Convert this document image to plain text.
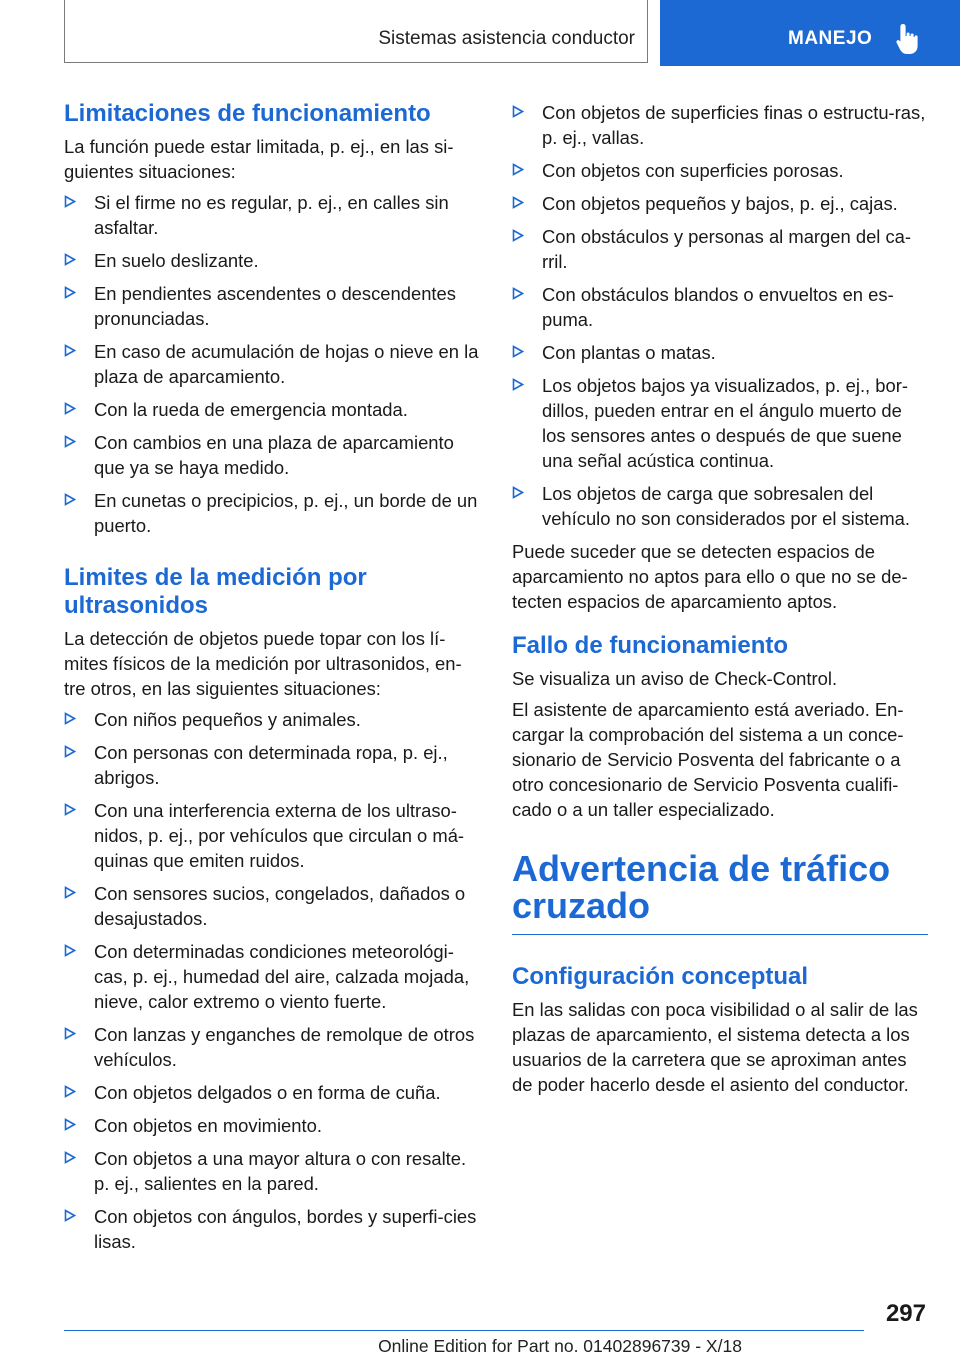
Sistemas asistencia conductor	MANEJO
Limitaciones de funcionamiento

La función puede estar limitada, p. ej., en las si-guientes situaciones:

Si el firme no es regular, p. ej., en calles sin asfaltar.
En suelo deslizante.
En pendientes ascendentes o descendentes pronunciadas.
En caso de acumulación de hojas o nieve en la plaza de aparcamiento.
Con la rueda de emergencia montada.
Con cambios en una plaza de aparcamiento que ya se haya medido.
En cunetas o precipicios, p. ej., un borde de un puerto.
Limites de la medición por ultrasonidos

La detección de objetos puede topar con los lí-mites físicos de la medición por ultrasonidos, en-tre otros, en las siguientes situaciones:

Con niños pequeños y animales.
Con personas con determinada ropa, p. ej., abrigos.
Con una interferencia externa de los ultraso-nidos, p. ej., por vehículos que circulan o má-quinas que emiten ruidos.
Con sensores sucios, congelados, dañados o desajustados.
Con determinadas condiciones meteorológi-cas, p. ej., humedad del aire, calzada mojada, nieve, calor extremo o viento fuerte.
Con lanzas y enganches de remolque de otros vehículos.
Con objetos delgados o en forma de cuña.
Con objetos en movimiento.
Con objetos a una mayor altura o con resalte. p. ej., salientes en la pared.
Con objetos con ángulos, bordes y superfi-cies lisas.
Con objetos de superficies finas o estructu-ras, p. ej., vallas.
Con objetos con superficies porosas.
Con objetos pequeños y bajos, p. ej., cajas.
Con obstáculos y personas al margen del ca-rril.
Con obstáculos blandos o envueltos en es-puma.
Con plantas o matas.
Los objetos bajos ya visualizados, p. ej., bor-dillos, pueden entrar en el ángulo muerto de los sensores antes o después de que suene una señal acústica continua.
Los objetos de carga que sobresalen del vehículo no son considerados por el sistema.

Puede suceder que se detecten espacios de aparcamiento no aptos para ello o que no se de-tecten espacios de aparcamiento aptos.

Fallo de funcionamiento

Se visualiza un aviso de Check-Control.

El asistente de aparcamiento está averiado. En-cargar la comprobación del sistema a un conce-sionario de Servicio Posventa del fabricante o a otro concesionario de Servicio Posventa cualifi-cado o a un taller especializado.

Advertencia de tráfico cruzado
Configuración conceptual

En las salidas con poca visibilidad o al salir de las plazas de aparcamiento, el sistema detecta a los usuarios de la carretera que se aproximan antes de poder hacerlo desde el asiento del conductor.

297
Online Edition for Part no. 01402896739 - X/18
